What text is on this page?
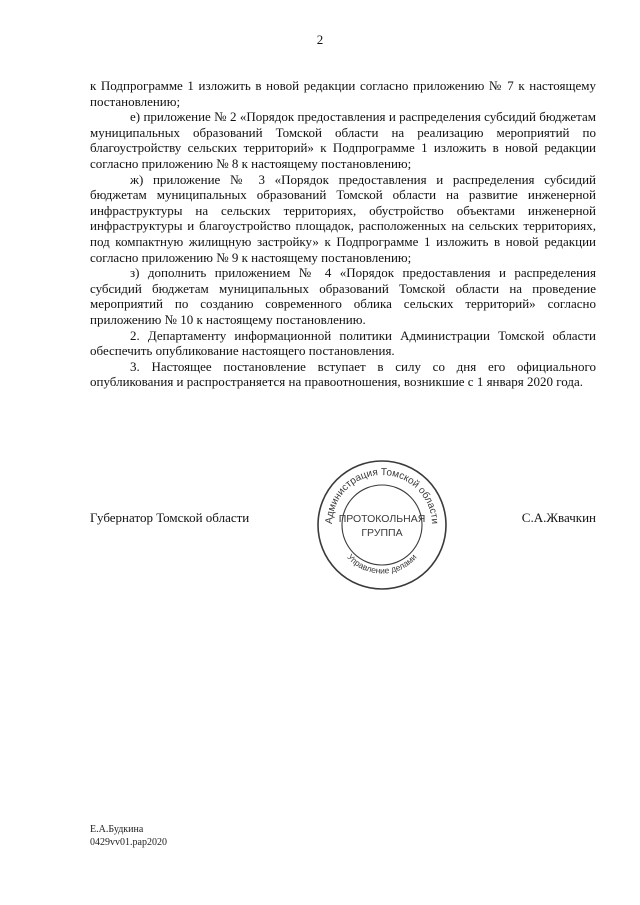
2

к Подпрограмме 1 изложить в новой редакции согласно приложению № 7 к настоящему постановлению;

е) приложение № 2 «Порядок предоставления и распределения субсидий бюджетам муниципальных образований Томской области на реализацию мероприятий по благоустройству сельских территорий» к Подпрограмме 1 изложить в новой редакции согласно приложению № 8 к настоящему постановлению;

ж) приложение № 3 «Порядок предоставления и распределения субсидий бюджетам муниципальных образований Томской области на развитие инженерной инфраструктуры на сельских территориях, обустройство объектами инженерной инфраструктуры и благоустройство площадок, расположенных на сельских территориях, под компактную жилищную застройку» к Подпрограмме 1 изложить в новой редакции согласно приложению № 9 к настоящему постановлению;

з) дополнить приложением № 4 «Порядок предоставления и распределения субсидий бюджетам муниципальных образований Томской области на проведение мероприятий по созданию современного облика сельских территорий» согласно приложению № 10 к настоящему постановлению.

2. Департаменту информационной политики Администрации Томской области обеспечить опубликование настоящего постановления.

3. Настоящее постановление вступает в силу со дня его официального опубликования и распространяется на правоотношения, возникшие с 1 января 2020 года.

Губернатор Томской области	С.А.Жвачкин
Администрация Томской области
ПРОТОКОЛЬНАЯ
ГРУППА
Управление делами
Е.А.Будкина
0429vv01.pap2020
